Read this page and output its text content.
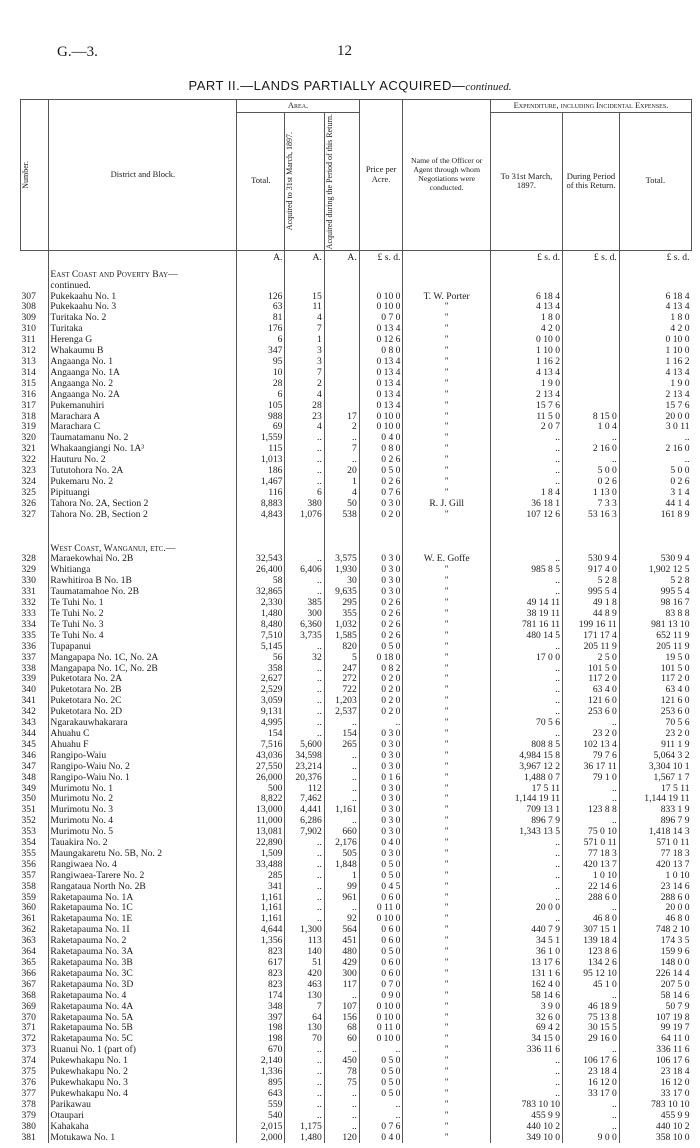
G.—3.	12
PART II.—LANDS PARTIALLY ACQUIRED—continued.
Number.	District and Block.	Area.			Price per Acre.	Name of the Officer or Agent through whom Negotiations were conducted.	Expenditure, including Incidental Expenses.		
		Total.	Acquired to 31st March, 1897.	Acquired during the Period of this Return.			To 31st March, 1897.	During Period of this Return.	Total.
		A.	A.	A.	£ s. d.		£ s. d.	£ s. d.	£ s. d.
	East Coast and Poverty Bay—								
	continued.								
307	Pukekaahu No. 1	126	15		0 10 0	T. W. Porter	6 18 4		6 18 4
308	Pukekaahu No. 3	63	11		0 10 0	"	4 13 4		4 13 4
309	Turitaka No. 2	81	4		0 7 0	"	1 8 0		1 8 0
310	Turitaka	176	7		0 13 4	"	4 2 0		4 2 0
311	Herenga G	6	1		0 12 6	"	0 10 0		0 10 0
312	Whakaumu B	347	3		0 8 0	"	1 10 0		1 10 0
313	Angaanga No. 1	95	3		0 13 4	"	1 16 2		1 16 2
314	Angaanga No. 1A	10	7		0 13 4	"	4 13 4		4 13 4
315	Angaanga No. 2	28	2		0 13 4	"	1 9 0		1 9 0
316	Angaanga No. 2A	6	4		0 13 4	"	2 13 4		2 13 4
317	Pukemanuhiri	105	28		0 13 4	"	15 7 6		15 7 6
318	Marachara A	988	23	17	0 10 0	"	11 5 0	8 15 0	20 0 0
319	Marachara C	69	4	2	0 10 0	"	2 0 7	1 0 4	3 0 11
320	Taumatamanu No. 2	1,559	..	..	0 4 0	"	..	..	..
321	Whakaangiangi No. 1A³	115	..	7	0 8 0	"	..	2 16 0	2 16 0
322	Hauturu No. 2	1,013	..	..	0 2 6	"	..	..	..
323	Tututohora No. 2A	186	..	20	0 5 0	"	..	5 0 0	5 0 0
324	Pukemaru No. 2	1,467	..	1	0 2 6	"	..	0 2 6	0 2 6
325	Pipituangi	116	6	4	0 7 6	"	1 8 4	1 13 0	3 1 4
326	Tahora No. 2A, Section 2	8,883	380	50	0 3 0	R. J. Gill	36 18 1	7 3 3	44 1 4
327	Tahora No. 2B, Section 2	4,843	1,076	538	0 2 0	"	107 12 6	53 16 3	161 8 9

	West Coast, Wanganui, etc.—								
328	Maraekowhai No. 2B	32,543	..	3,575	0 3 0	W. E. Goffe	..	530 9 4	530 9 4
329	Whitianga	26,400	6,406	1,930	0 3 0	"	985 8 5	917 4 0	1,902 12 5
330	Rawhitiroa B No. 1B	58	..	30	0 3 0	"	..	5 2 8	5 2 8
331	Taumatamahoe No. 2B	32,865	..	9,635	0 3 0	"	..	995 5 4	995 5 4
332	Te Tuhi No. 1	2,330	385	295	0 2 6	"	49 14 11	49 1 8	98 16 7
333	Te Tuhi No. 2	1,480	300	355	0 2 6	"	38 19 11	44 8 9	83 8 8
334	Te Tuhi No. 3	8,480	6,360	1,032	0 2 6	"	781 16 11	199 16 11	981 13 10
335	Te Tuhi No. 4	7,510	3,735	1,585	0 2 6	"	480 14 5	171 17 4	652 11 9
336	Tupapanui	5,145	..	820	0 5 0	"	..	205 11 9	205 11 9
337	Mangapapa No. 1C, No. 2A	56	32	5	0 18 0	"	17 0 0	2 5 0	19 5 0
338	Mangapapa No. 1C, No. 2B	358	..	247	0 8 2	"	..	101 5 0	101 5 0
339	Puketotara No. 2A	2,627	..	272	0 2 0	"	..	117 2 0	117 2 0
340	Puketotara No. 2B	2,529	..	722	0 2 0	"	..	63 4 0	63 4 0
341	Puketotara No. 2C	3,059	..	1,203	0 2 0	"	..	121 6 0	121 6 0
342	Puketotara No. 2D	9,131	..	2,537	0 2 0	"	..	253 6 0	253 6 0
343	Ngarakauwhakarara	4,995	..	..	..	"	70 5 6	..	70 5 6
344	Ahuahu C	154	..	154	0 3 0	"	..	23 2 0	23 2 0
345	Ahuahu F	7,516	5,600	265	0 3 0	"	808 8 5	102 13 4	911 1 9
346	Rangipo-Waiu	43,036	34,598	..	0 3 0	"	4,984 15 8	79 7 6	5,064 3 2
347	Rangipo-Waiu No. 2	27,550	23,214	..	0 3 0	"	3,967 12 2	36 17 11	3,304 10 1
348	Rangipo-Waiu No. 1	26,000	20,376	..	0 1 6	"	1,488 0 7	79 1 0	1,567 1 7
349	Murimotu No. 1	500	112	..	0 3 0	"	17 5 11	..	17 5 11
350	Murimotu No. 2	8,822	7,462	..	0 3 0	"	1,144 19 11	..	1,144 19 11
351	Murimotu No. 3	13,000	4,441	1,161	0 3 0	"	709 13 1	123 8 8	833 1 9
352	Murimotu No. 4	11,000	6,286	..	0 3 0	"	896 7 9	..	896 7 9
353	Murimotu No. 5	13,081	7,902	660	0 3 0	"	1,343 13 5	75 0 10	1,418 14 3
354	Tauakira No. 2	22,890	..	2,176	0 4 0	"	..	571 0 11	571 0 11
355	Maungakaretu No. 5B, No. 2	1,509	..	505	0 3 0	"	..	77 18 3	77 18 3
356	Rangiwaea No. 4	33,488	..	1,848	0 5 0	"	..	420 13 7	420 13 7
357	Rangiwaea-Tarere No. 2	285	..	1	0 5 0	"	..	1 0 10	1 0 10
358	Rangataua North No. 2B	341	..	99	0 4 5	"	..	22 14 6	23 14 6
359	Raketapauma No. 1A	1,161	..	961	0 6 0	"	..	288 6 0	288 6 0
360	Raketapauma No. 1C	1,161	..	..	0 11 0	"	20 0 0	..	20 0 0
361	Raketapauma No. 1E	1,161	..	92	0 10 0	"	..	46 8 0	46 8 0
362	Raketapauma No. 1I	4,644	1,300	564	0 6 0	"	440 7 9	307 15 1	748 2 10
363	Raketapauma No. 2	1,356	113	451	0 6 0	"	34 5 1	139 18 4	174 3 5
364	Raketapauma No. 3A	823	140	480	0 5 0	"	36 1 0	123 8 6	159 9 6
365	Raketapauma No. 3B	617	51	429	0 6 0	"	13 17 6	134 2 6	148 0 0
366	Raketapauma No. 3C	823	420	300	0 6 0	"	131 1 6	95 12 10	226 14 4
367	Raketapauma No. 3D	823	463	117	0 7 0	"	162 4 0	45 1 0	207 5 0
368	Raketapauma No. 4	174	130	..	0 9 0	"	58 14 6	..	58 14 6
369	Raketapauma No. 4A	348	7	107	0 10 0	"	3 9 0	46 18 9	50 7 9
370	Raketapauma No. 5A	397	64	156	0 10 0	"	32 6 0	75 13 8	107 19 8
371	Raketapauma No. 5B	198	130	68	0 11 0	"	69 4 2	30 15 5	99 19 7
372	Raketapauma No. 5C	198	70	60	0 10 0	"	34 15 0	29 16 0	64 11 0
373	Ruanui No. 1 (part of)	670	..	..	..	"	336 11 6	..	336 11 6
374	Pukewhakapu No. 1	2,140	..	450	0 5 0	"	..	106 17 6	106 17 6
375	Pukewhakapu No. 2	1,336	..	78	0 5 0	"	..	23 18 4	23 18 4
376	Pukewhakapu No. 3	895	..	75	0 5 0	"	..	16 12 0	16 12 0
377	Pukewhakapu No. 4	643	..	..	0 5 0	"	..	33 17 0	33 17 0
378	Parikawau	559	..	..	..	"	783 10 10	..	783 10 10
379	Otaupari	540	..	..	..	"	455 9 9	..	455 9 9
380	Kahakaha	2,015	1,175	..	0 7 6	"	440 10 2	..	440 10 2
381	Motukawa No. 1	2,000	1,480	120	0 4 0	"	349 10 0	9 0 0	358 10 0
